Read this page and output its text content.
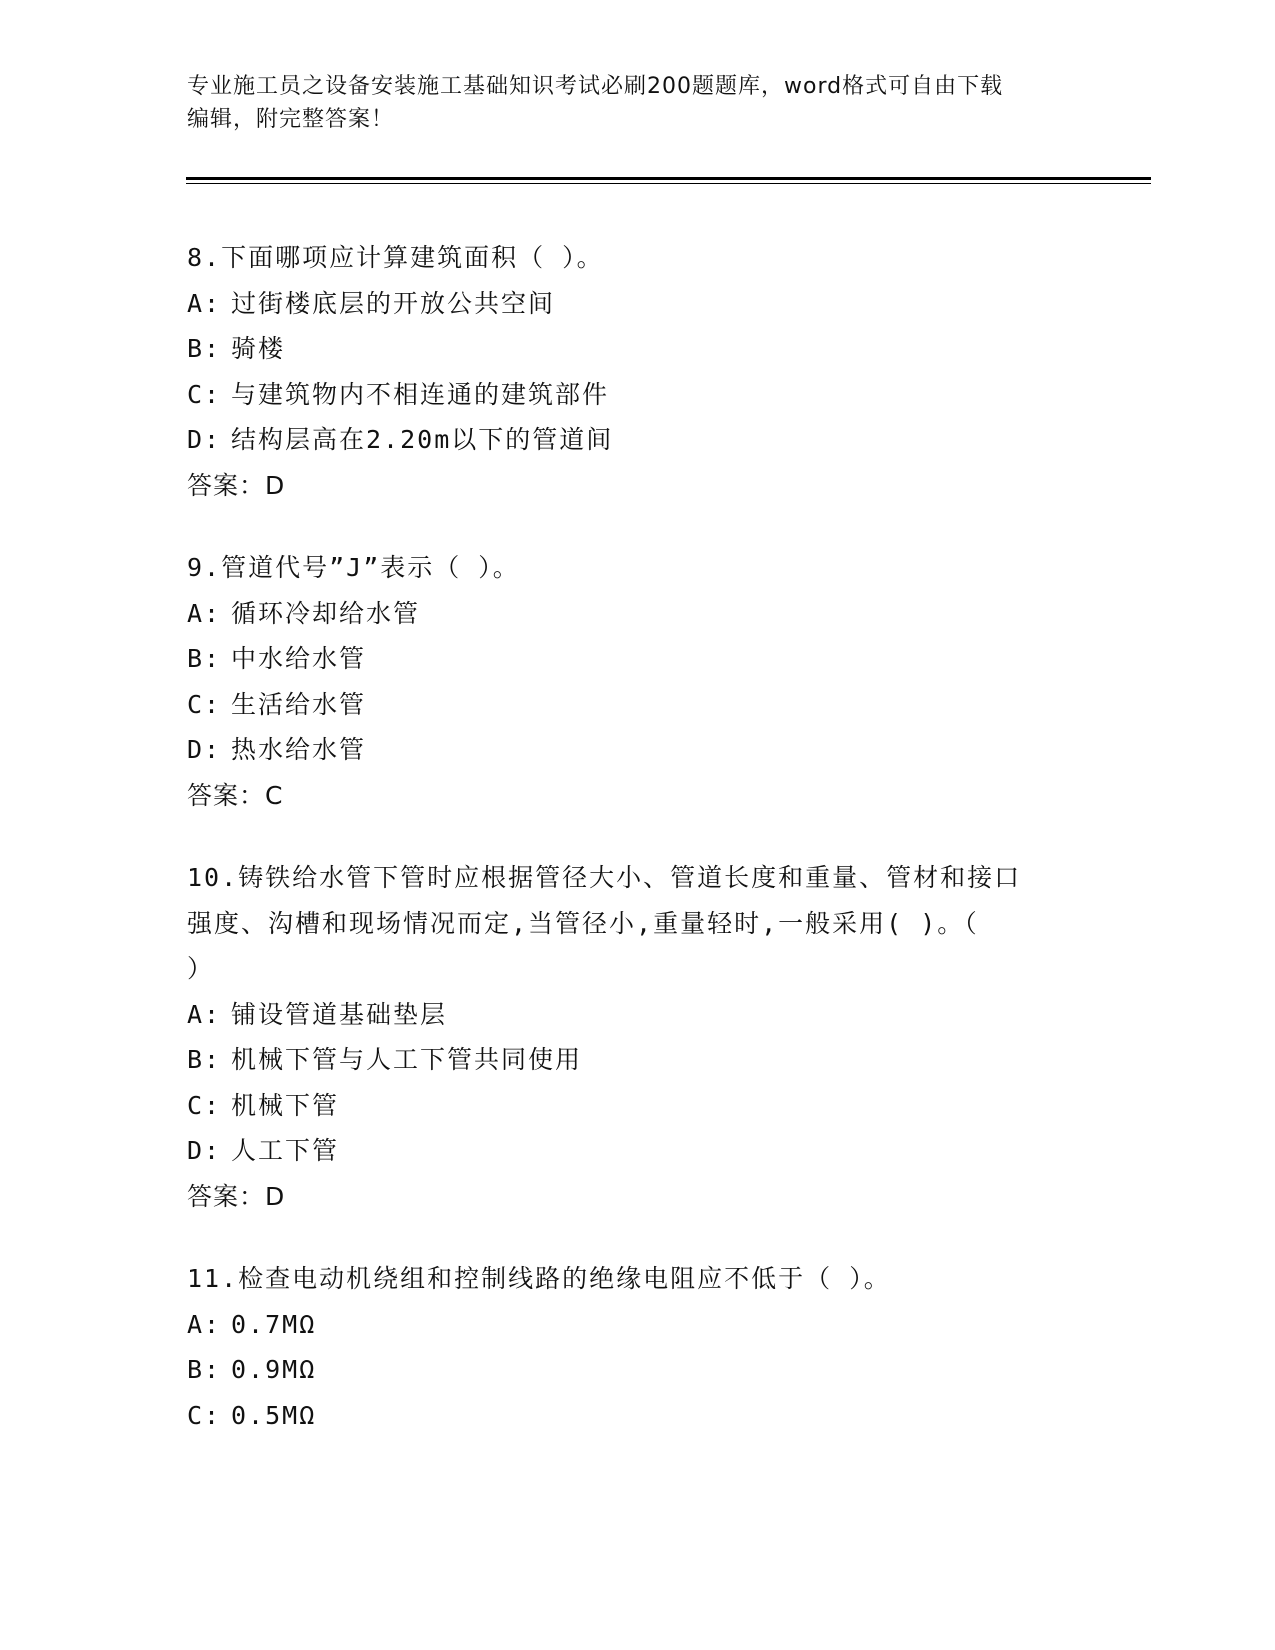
专业施工员之设备安装施工基础知识考试必刷200题题库，word格式可自由下载
编辑，附完整答案！

8.下面哪项应计算建筑面积（ ）。

A: 过街楼底层的开放公共空间

B: 骑楼

C: 与建筑物内不相连通的建筑部件

D: 结构层高在2.20m以下的管道间

答案：D

9.管道代号”J”表示（ ）。

A: 循环冷却给水管

B: 中水给水管

C: 生活给水管

D: 热水给水管

答案：C

10.铸铁给水管下管时应根据管径大小、管道长度和重量、管材和接口

强度、沟槽和现场情况而定,当管径小,重量轻时,一般采用( )。（

）

A: 铺设管道基础垫层

B: 机械下管与人工下管共同使用

C: 机械下管

D: 人工下管

答案：D

11.检查电动机绕组和控制线路的绝缘电阻应不低于（ ）。

A: 0.7MΩ

B: 0.9MΩ

C: 0.5MΩ
